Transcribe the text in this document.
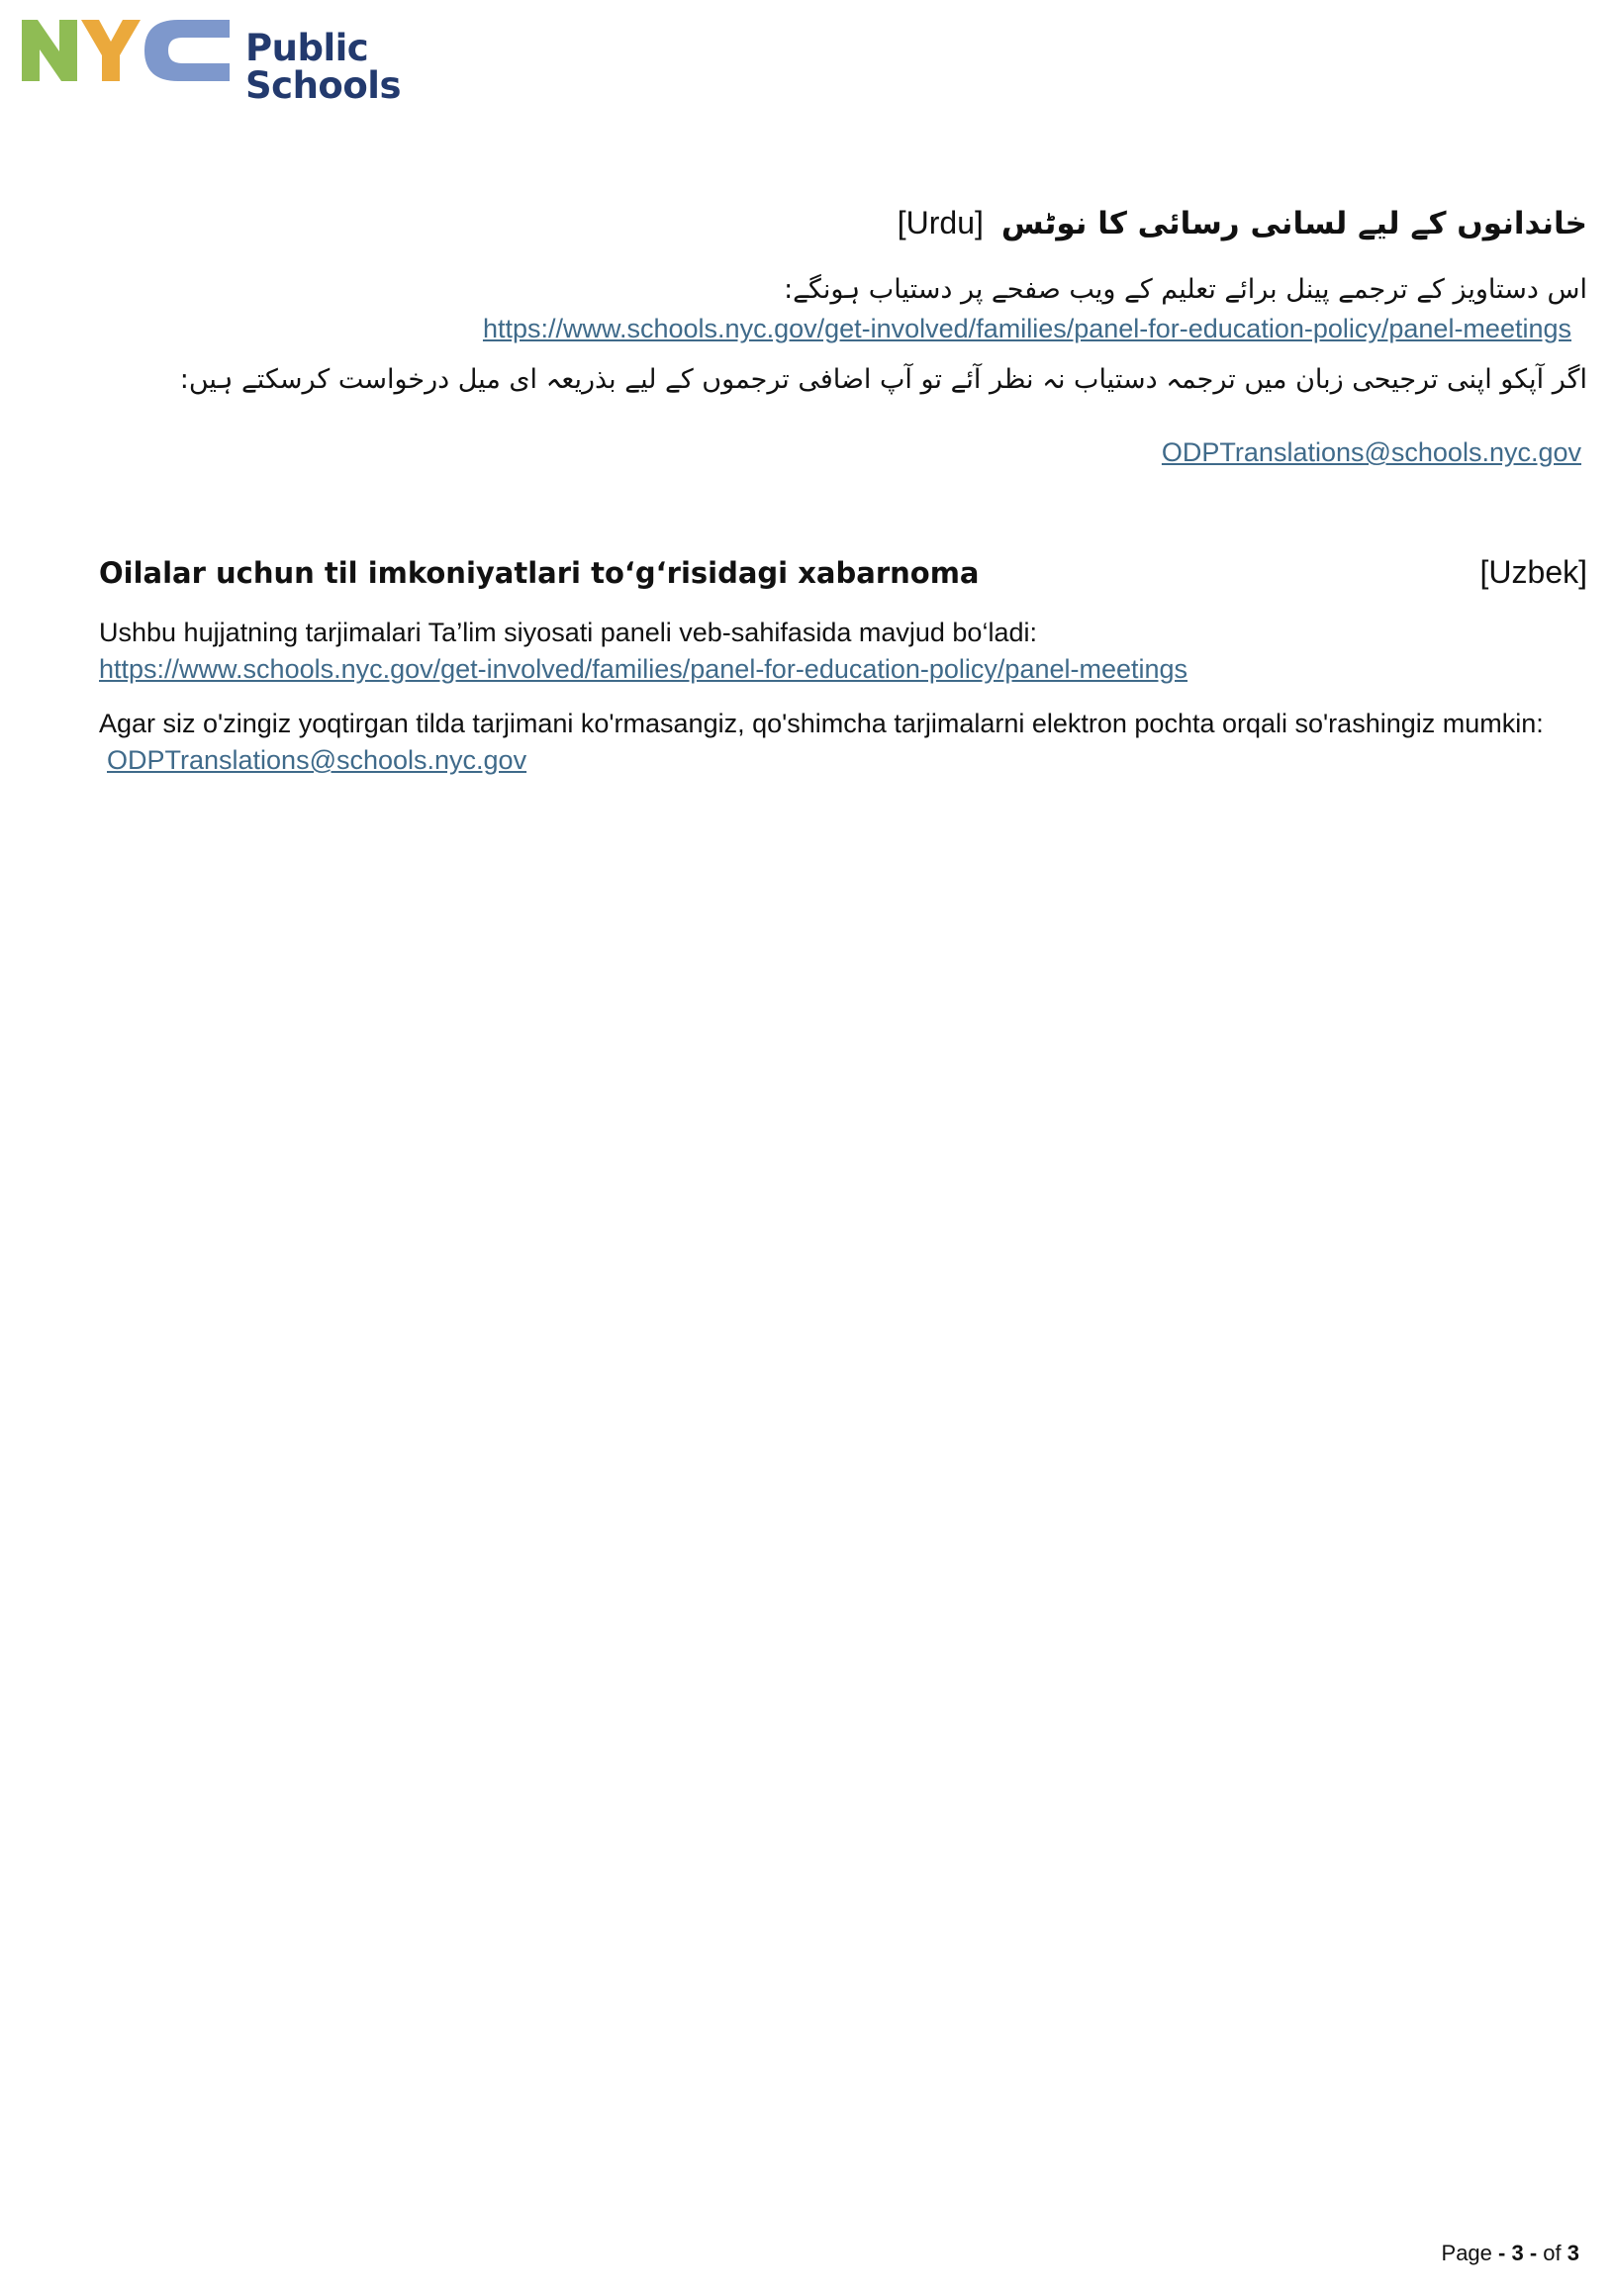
Public
Schools
[Urdu] خاندانوں کے لیے لسانی رسائی کا نوٹس
اس دستاویز کے ترجمے پینل برائے تعلیم کے ویب صفحے پر دستیاب ہونگے:
https://www.schools.nyc.gov/get-involved/families/panel-for-education-policy/panel-meetings
اگر آپکو اپنی ترجیحی زبان میں ترجمہ دستیاب نہ نظر آئے تو آپ اضافی ترجموں کے لیے بذریعہ ای میل درخواست کرسکتے ہیں:
ODPTranslations@schools.nyc.gov
Oilalar uchun til imkoniyatlari to‘g‘risidagi xabarnoma	[Uzbek]
Ushbu hujjatning tarjimalari Ta’lim siyosati paneli veb-sahifasida mavjud bo‘ladi:
https://www.schools.nyc.gov/get-involved/families/panel-for-education-policy/panel-meetings
Agar siz o'zingiz yoqtirgan tilda tarjimani ko'rmasangiz, qo'shimcha tarjimalarni elektron pochta orqali so'rashingiz mumkin:
ODPTranslations@schools.nyc.gov
Page - 3 - of 3
